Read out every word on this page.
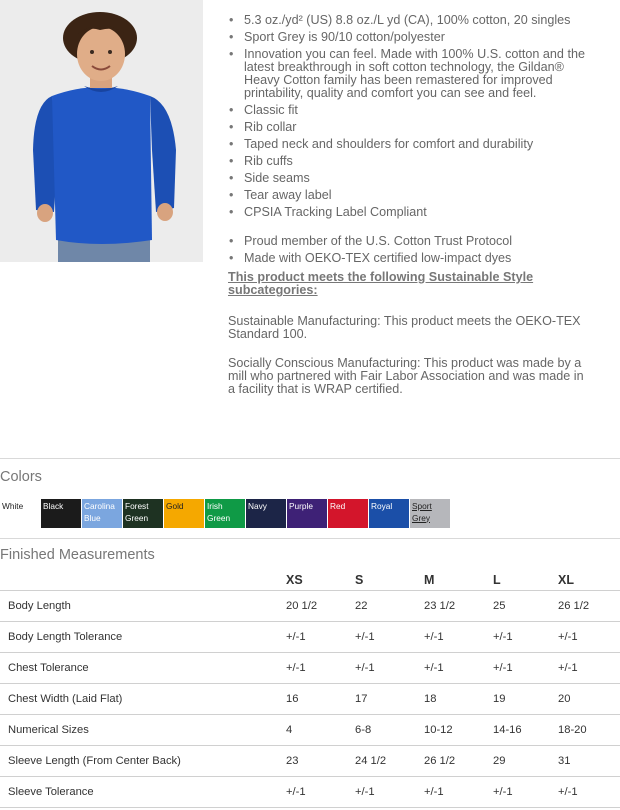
• 5.3 oz./yd² (US) 8.8 oz./L yd (CA), 100% cotton, 20 singles
• Sport Grey is 90/10 cotton/polyester
• Innovation you can feel. Made with 100% U.S. cotton and the latest breakthrough in soft cotton technology, the Gildan® Heavy Cotton family has been remastered for improved printability, quality and comfort you can see and feel.
• Classic fit
• Rib collar
• Taped neck and shoulders for comfort and durability
• Rib cuffs
• Side seams
• Tear away label
• CPSIA Tracking Label Compliant
• Proud member of the U.S. Cotton Trust Protocol
• Made with OEKO-TEX certified low-impact dyes
This product meets the following Sustainable Style subcategories:
Sustainable Manufacturing: This product meets the OEKO-TEX Standard 100.
Socially Conscious Manufacturing: This product was made by a mill who partnered with Fair Labor Association and was made in a facility that is WRAP certified.
Colors
White	Black	Carolina Blue
Forest Green
Gold	Irish Green
Navy	Purple	Red	Royal	Sport Grey
Finished Measurements
	XS	S	M	L	XL
Body Length	20 1/2	22	23 1/2	25	26 1/2
Body Length Tolerance	+/-1	+/-1	+/-1	+/-1	+/-1
Chest Tolerance	+/-1	+/-1	+/-1	+/-1	+/-1
Chest Width (Laid Flat)	16	17	18	19	20
Numerical Sizes	4	6-8	10-12	14-16	18-20
Sleeve Length (From Center Back)	23	24 1/2	26 1/2	29	31
Sleeve Tolerance	+/-1	+/-1	+/-1	+/-1	+/-1
